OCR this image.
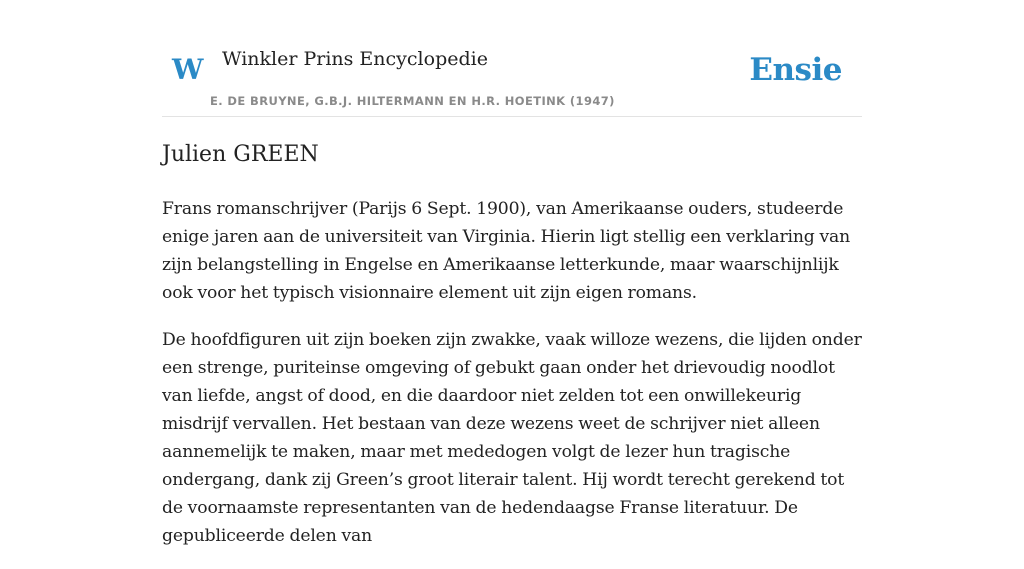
W Winkler Prins Encyclopedie
E. DE BRUYNE, G.B.J. HILTERMANN EN H.R. HOETINK (1947)
Ensie
Julien GREEN

Frans romanschrijver (Parijs 6 Sept. 1900), van Amerikaanse ouders, studeerde enige jaren aan de universiteit van Virginia. Hierin ligt stellig een verklaring van zijn belangstelling in Engelse en Amerikaanse letterkunde, maar waarschijnlijk ook voor het typisch visionnaire element uit zijn eigen romans.

De hoofdfiguren uit zijn boeken zijn zwakke, vaak willoze wezens, die lijden onder een strenge, puriteinse omgeving of gebukt gaan onder het drievoudig noodlot van liefde, angst of dood, en die daardoor niet zelden tot een onwillekeurig misdrijf vervallen. Het bestaan van deze wezens weet de schrijver niet alleen aannemelijk te maken, maar met mededogen volgt de lezer hun tragische ondergang, dank zij Green’s groot literair talent. Hij wordt terecht gerekend tot de voornaamste representanten van de hedendaagse Franse literatuur. De gepubliceerde delen van
